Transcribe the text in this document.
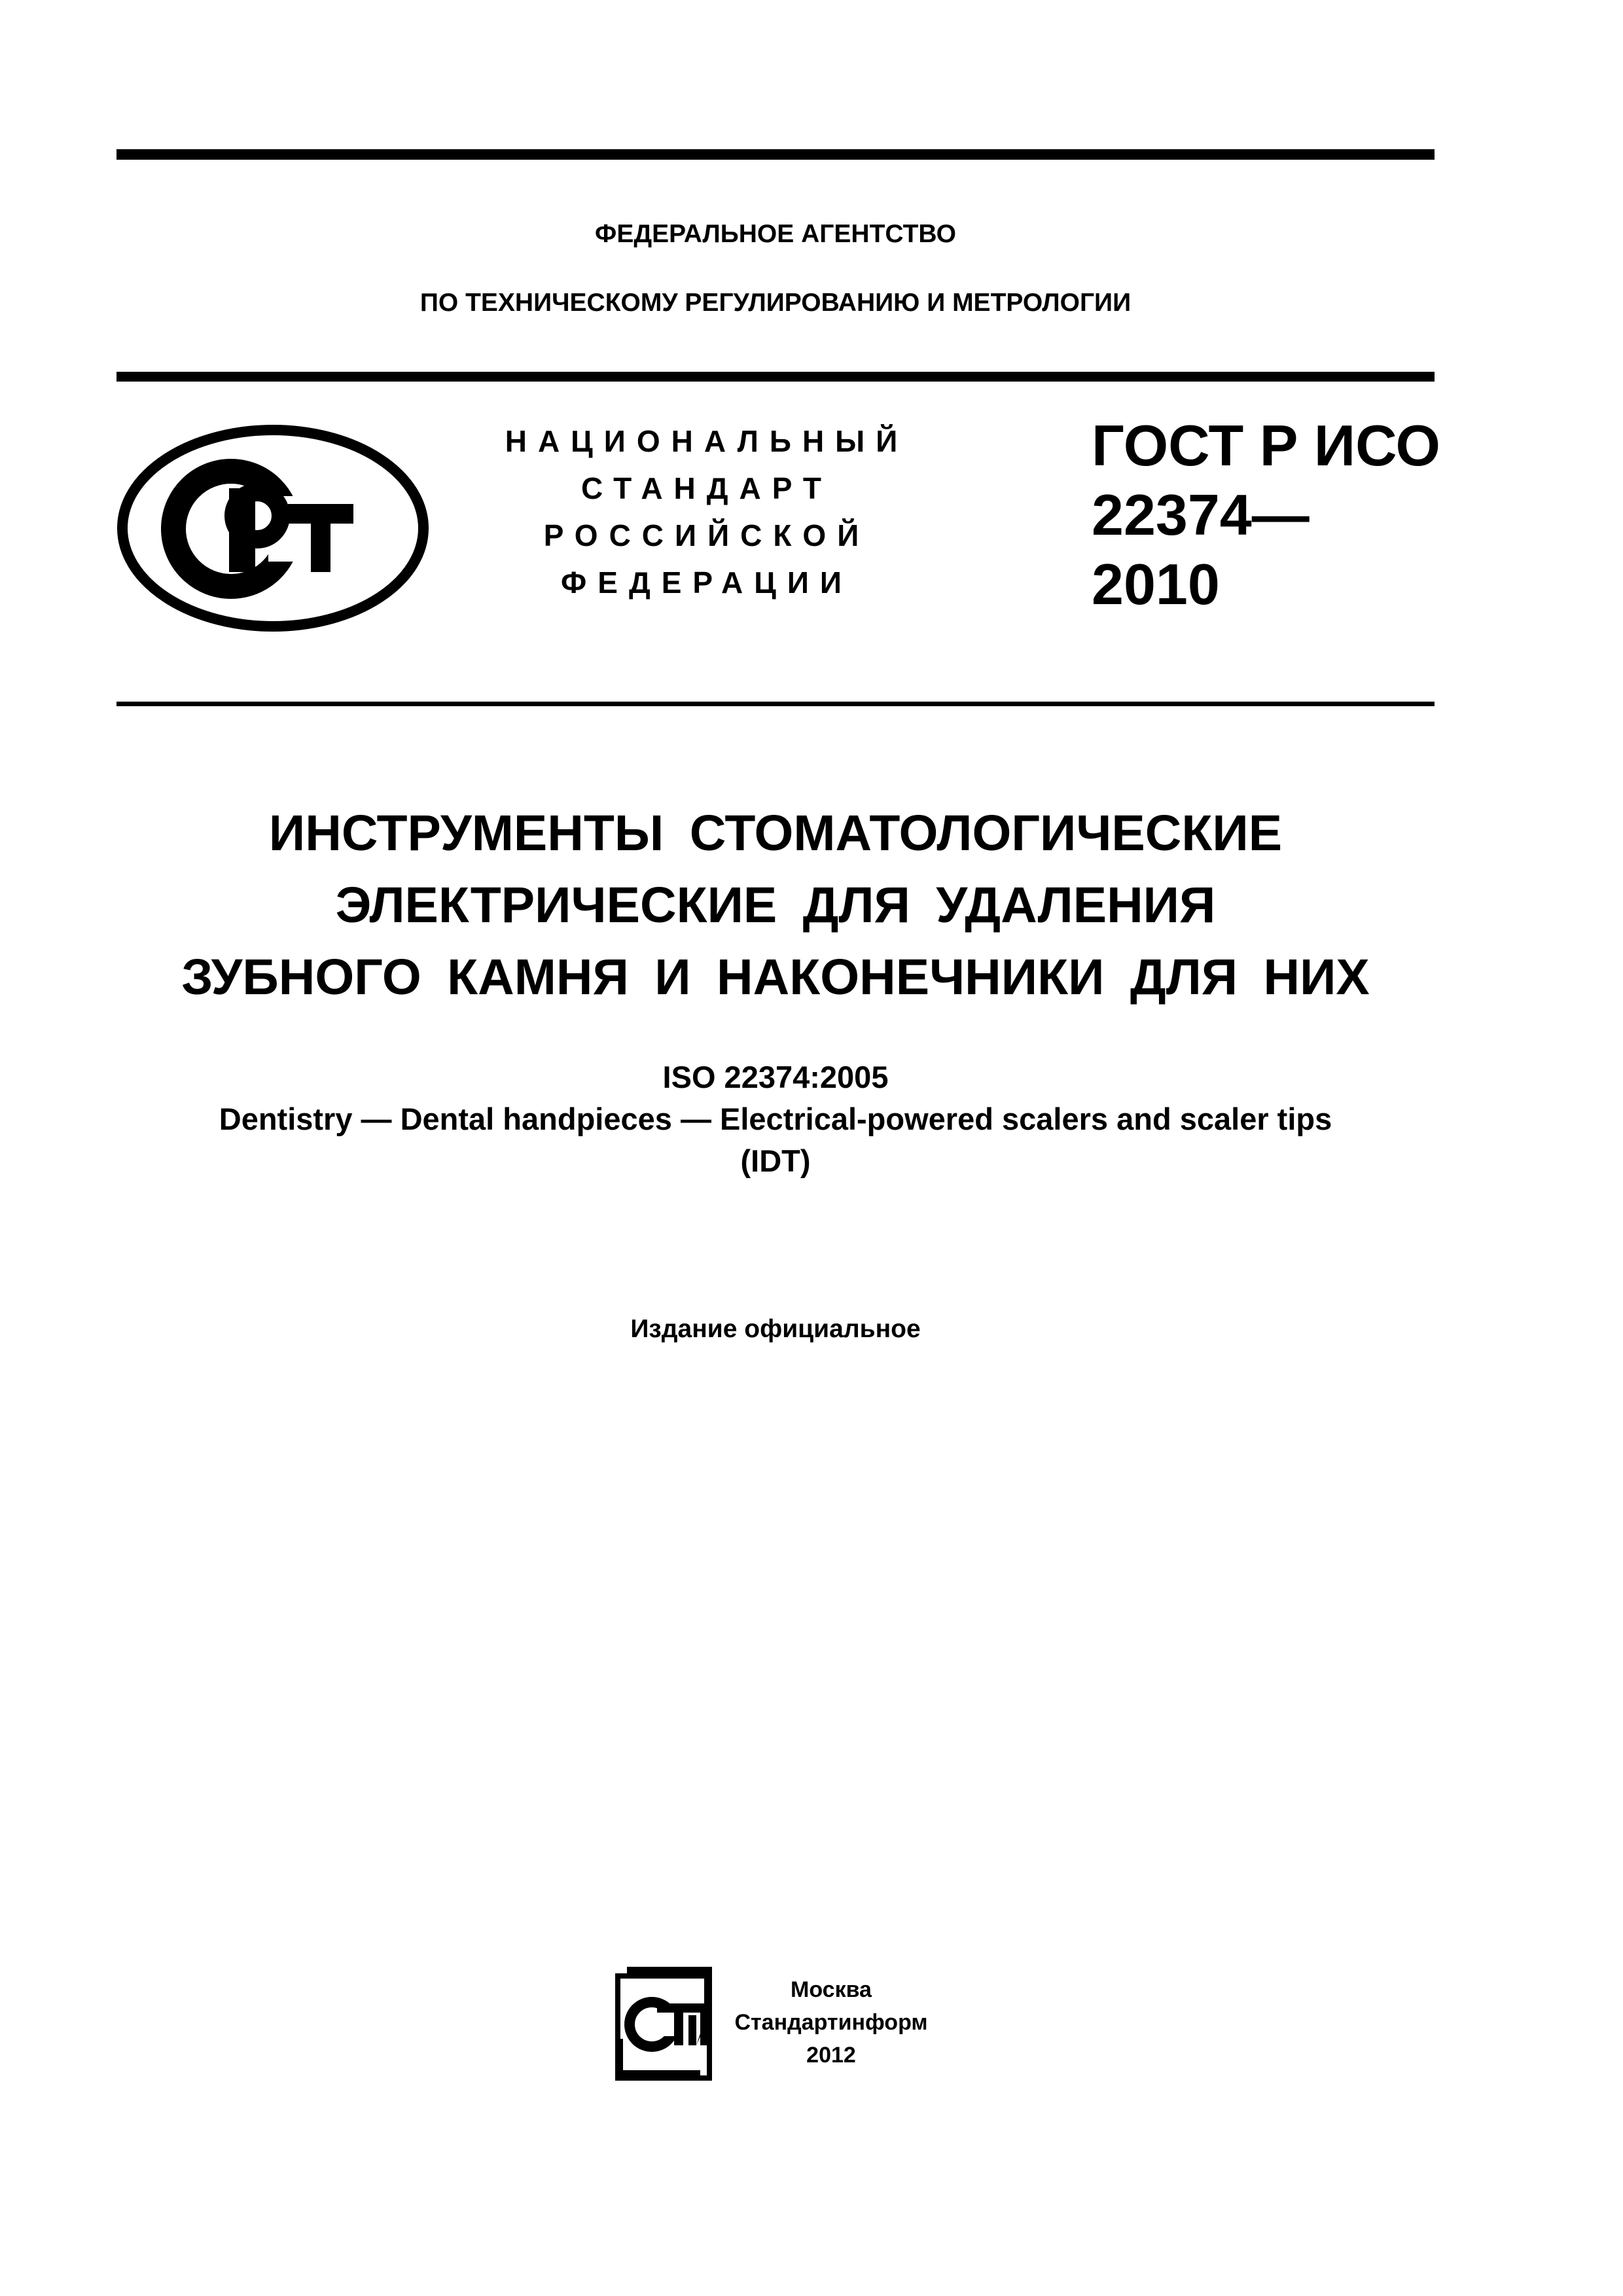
ФЕДЕРАЛЬНОЕ АГЕНТСТВО
ПО ТЕХНИЧЕСКОМУ РЕГУЛИРОВАНИЮ И МЕТРОЛОГИИ
РСТ	НАЦИОНАЛЬНЫЙ
СТАНДАРТ
РОССИЙСКОЙ
ФЕДЕРАЦИИ
ГОСТ Р ИСО
22374—
2010
ИНСТРУМЕНТЫ СТОМАТОЛОГИЧЕСКИЕ
ЭЛЕКТРИЧЕСКИЕ ДЛЯ УДАЛЕНИЯ
ЗУБНОГО КАМНЯ И НАКОНЕЧНИКИ ДЛЯ НИХ
ISO 22374:2005
Dentistry — Dental handpieces — Electrical-powered scalers and scaler tips
(IDT)
Издание официальное
СТИ
Москва
Стандартинформ
2012
